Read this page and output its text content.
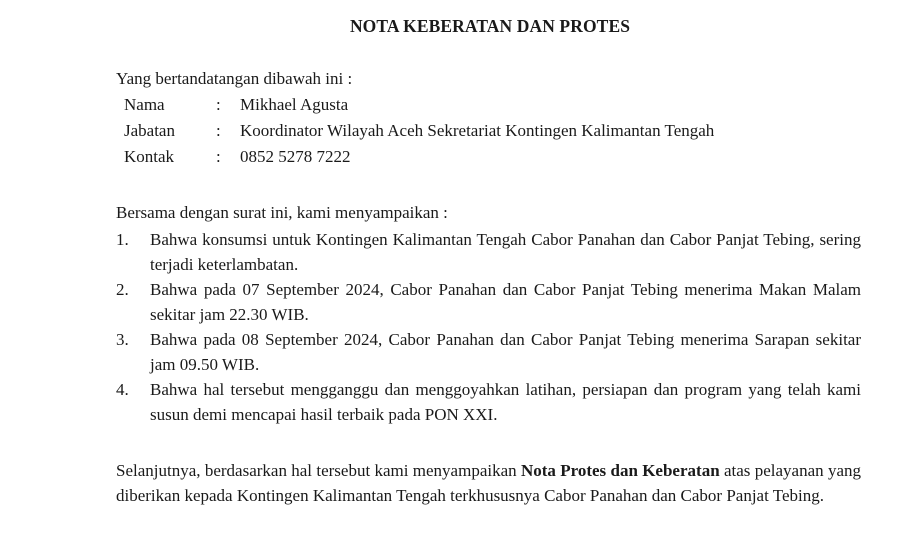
NOTA KEBERATAN DAN PROTES
Yang bertandatangan dibawah ini :
Nama	:	Mikhael Agusta
Jabatan	:	Koordinator Wilayah Aceh Sekretariat Kontingen Kalimantan Tengah
Kontak	:	0852 5278 7222
Bersama dengan surat ini, kami menyampaikan :
1. Bahwa konsumsi untuk Kontingen Kalimantan Tengah Cabor Panahan dan Cabor Panjat Tebing, sering terjadi keterlambatan.
2. Bahwa pada 07 September 2024, Cabor Panahan dan Cabor Panjat Tebing menerima Makan Malam sekitar jam 22.30 WIB.
3. Bahwa pada 08 September 2024, Cabor Panahan dan Cabor Panjat Tebing menerima Sarapan sekitar jam 09.50 WIB.
4. Bahwa hal tersebut mengganggu dan menggoyahkan latihan, persiapan dan program yang telah kami susun demi mencapai hasil terbaik pada PON XXI.
Selanjutnya, berdasarkan hal tersebut kami menyampaikan Nota Protes dan Keberatan atas pelayanan yang diberikan kepada Kontingen Kalimantan Tengah terkhususnya Cabor Panahan dan Cabor Panjat Tebing.
